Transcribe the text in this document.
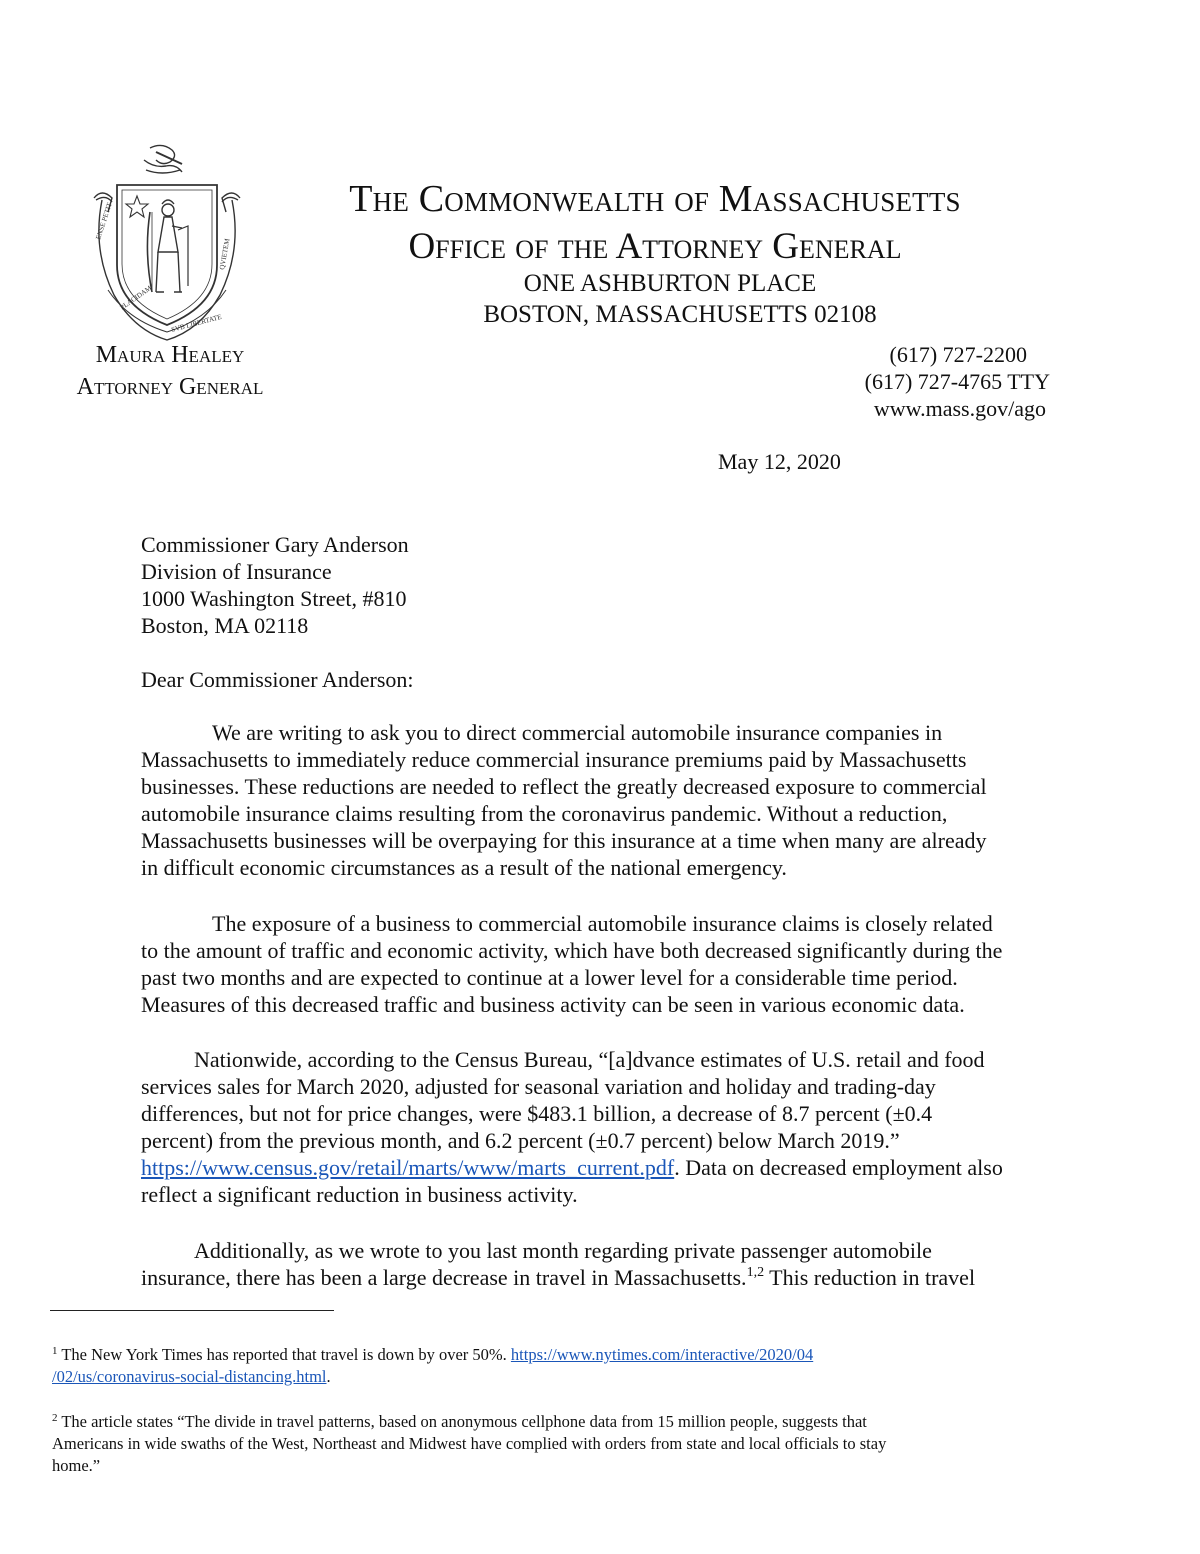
ENSE PETIT
PLACIDAM
SVB LIBERTATE
QVIETEM
The Commonwealth of Massachusetts
Office of the Attorney General
ONE ASHBURTON PLACE
BOSTON, MASSACHUSETTS 02108
Maura Healey
Attorney General
(617) 727-2200
(617) 727-4765 TTY
www.mass.gov/ago
May 12, 2020
Commissioner Gary Anderson
Division of Insurance
1000 Washington Street, #810
Boston, MA 02118
Dear Commissioner Anderson:
We are writing to ask you to direct commercial automobile insurance companies in
Massachusetts to immediately reduce commercial insurance premiums paid by Massachusetts
businesses. These reductions are needed to reflect the greatly decreased exposure to commercial
automobile insurance claims resulting from the coronavirus pandemic. Without a reduction,
Massachusetts businesses will be overpaying for this insurance at a time when many are already
in difficult economic circumstances as a result of the national emergency.
The exposure of a business to commercial automobile insurance claims is closely related
to the amount of traffic and economic activity, which have both decreased significantly during the
past two months and are expected to continue at a lower level for a considerable time period.
Measures of this decreased traffic and business activity can be seen in various economic data.
Nationwide, according to the Census Bureau, “[a]dvance estimates of U.S. retail and food
services sales for March 2020, adjusted for seasonal variation and holiday and trading-day
differences, but not for price changes, were $483.1 billion, a decrease of 8.7 percent (±0.4
percent) from the previous month, and 6.2 percent (±0.7 percent) below March 2019.”
https://www.census.gov/retail/marts/www/marts_current.pdf. Data on decreased employment also
reflect a significant reduction in business activity.
Additionally, as we wrote to you last month regarding private passenger automobile
insurance, there has been a large decrease in travel in Massachusetts.$^{1,2}$ This reduction in travel
$^1$ The New York Times has reported that travel is down by over 50%. https://www.nytimes.com/interactive/2020/04
/02/us/coronavirus-social-distancing.html.
$^2$ The article states “The divide in travel patterns, based on anonymous cellphone data from 15 million people, suggests that
Americans in wide swaths of the West, Northeast and Midwest have complied with orders from state and local officials to stay
home.”
